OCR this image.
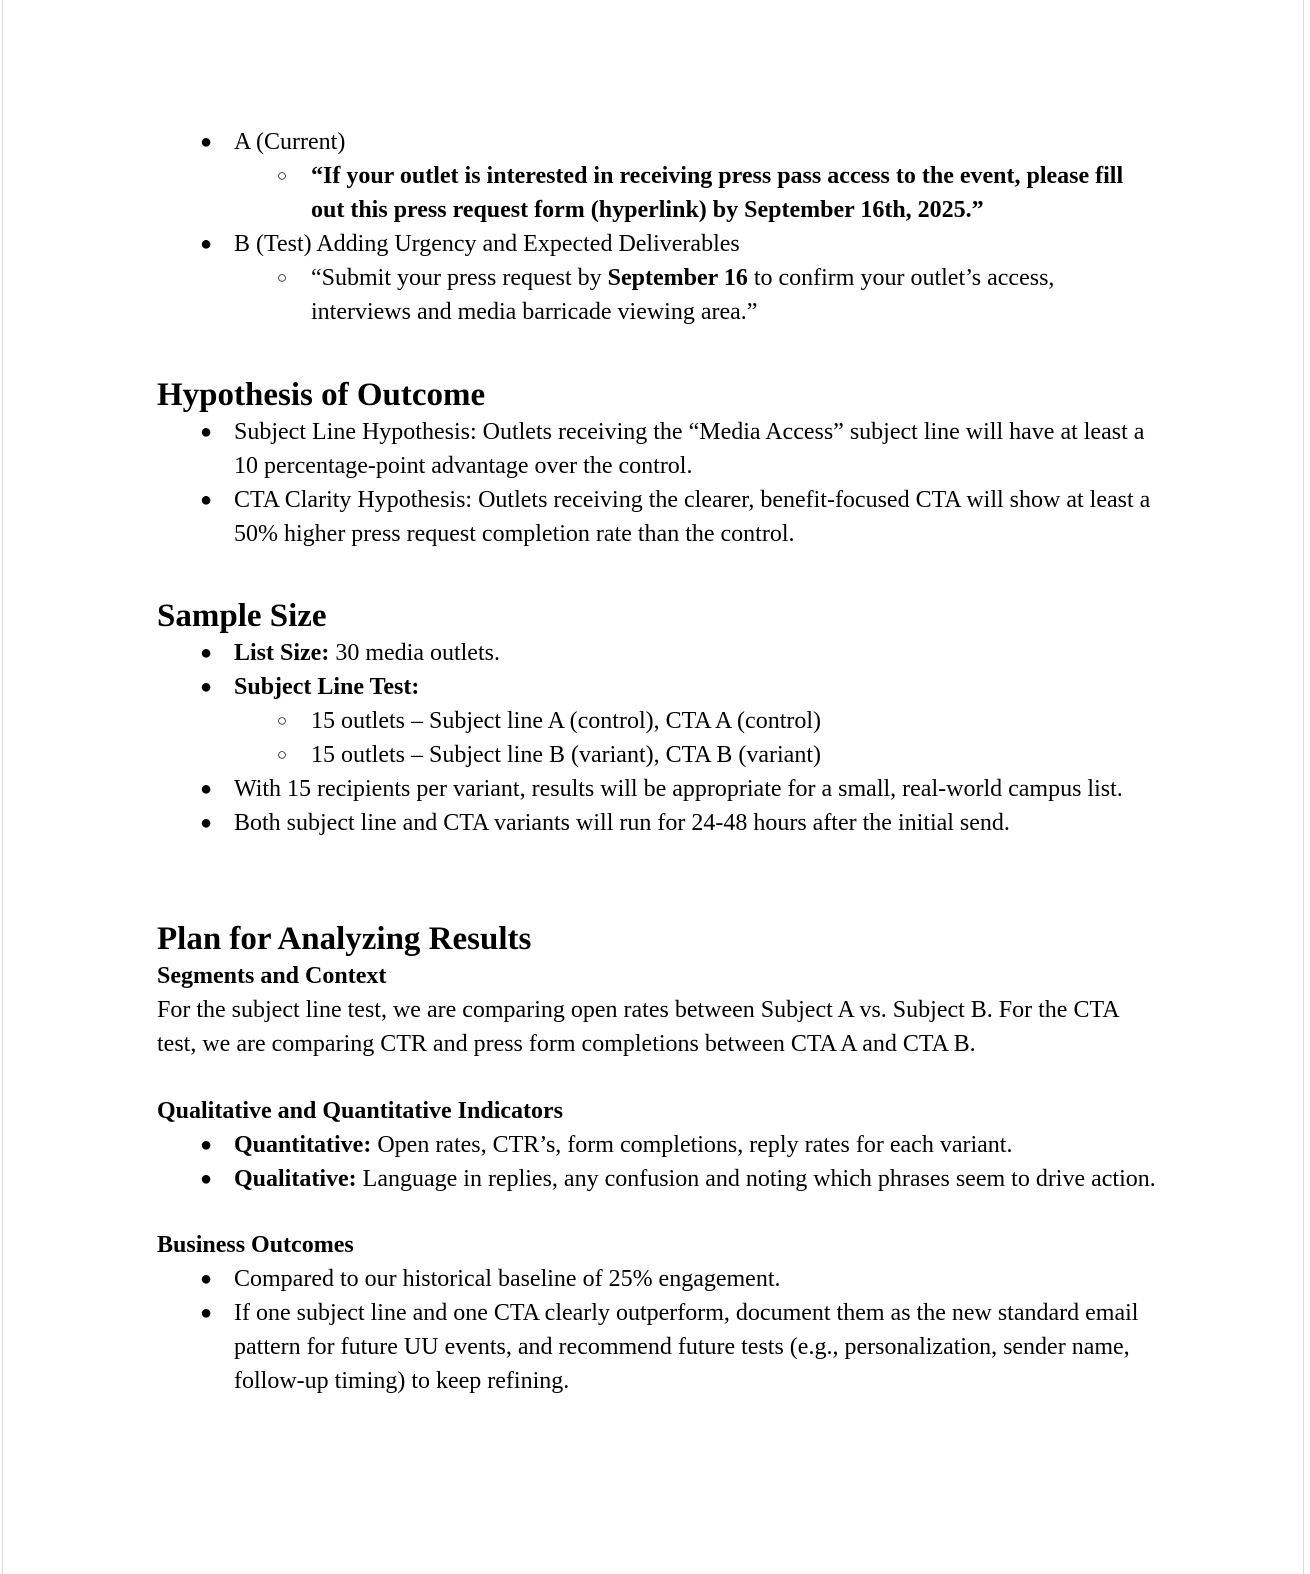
● A (Current)
○ “If your outlet is interested in receiving press pass access to the event, please fill out this press request form (hyperlink) by September 16th, 2025.”
● B (Test) Adding Urgency and Expected Deliverables
○ “Submit your press request by September 16 to confirm your outlet’s access, interviews and media barricade viewing area.”
Hypothesis of Outcome
● Subject Line Hypothesis: Outlets receiving the “Media Access” subject line will have at least a 10 percentage-point advantage over the control.
● CTA Clarity Hypothesis: Outlets receiving the clearer, benefit-focused CTA will show at least a 50% higher press request completion rate than the control.
Sample Size
● List Size: 30 media outlets.
● Subject Line Test:
○ 15 outlets – Subject line A (control), CTA A (control)
○ 15 outlets – Subject line B (variant), CTA B (variant)
● With 15 recipients per variant, results will be appropriate for a small, real-world campus list.
● Both subject line and CTA variants will run for 24-48 hours after the initial send.
Plan for Analyzing Results
Segments and Context

For the subject line test, we are comparing open rates between Subject A vs. Subject B. For the CTA test, we are comparing CTR and press form completions between CTA A and CTA B.

Qualitative and Quantitative Indicators
● Quantitative: Open rates, CTR’s, form completions, reply rates for each variant.
● Qualitative: Language in replies, any confusion and noting which phrases seem to drive action.
Business Outcomes
● Compared to our historical baseline of 25% engagement.
● If one subject line and one CTA clearly outperform, document them as the new standard email pattern for future UU events, and recommend future tests (e.g., personalization, sender name, follow-up timing) to keep refining.
